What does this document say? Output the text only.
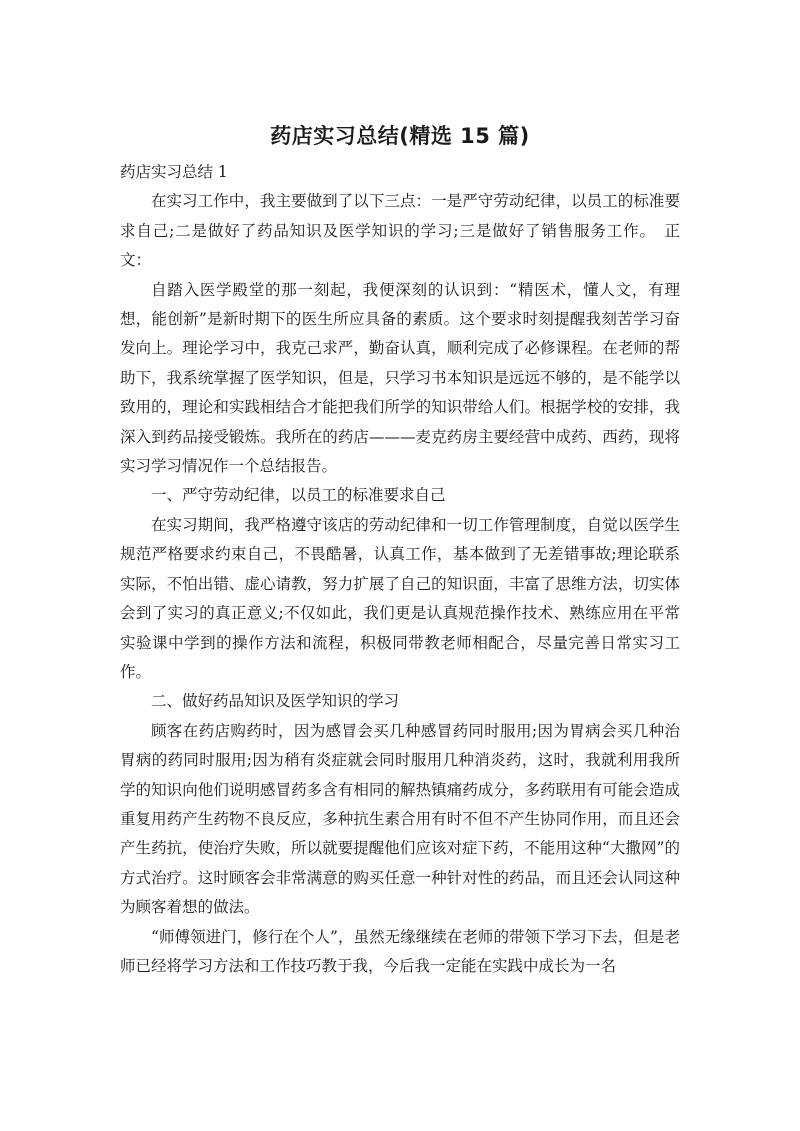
药店实习总结(精选 15 篇)

药店实习总结 1

在实习工作中，我主要做到了以下三点：一是严守劳动纪律，以员工的标准要求自己;二是做好了药品知识及医学知识的学习;三是做好了销售服务工作。　正文：

自踏入医学殿堂的那一刻起，我便深刻的认识到：“精医术，懂人文，有理想，能创新”是新时期下的医生所应具备的素质。这个要求时刻提醒我刻苦学习奋发向上。理论学习中，我克己求严，勤奋认真，顺利完成了必修课程。在老师的帮助下，我系统掌握了医学知识，但是，只学习书本知识是远远不够的，是不能学以致用的，理论和实践相结合才能把我们所学的知识带给人们。根据学校的安排，我深入到药品接受锻炼。我所在的药店———麦克药房主要经营中成药、西药，现将实习学习情况作一个总结报告。

一、严守劳动纪律，以员工的标准要求自己

在实习期间，我严格遵守该店的劳动纪律和一切工作管理制度，自觉以医学生规范严格要求约束自己，不畏酷暑，认真工作，基本做到了无差错事故;理论联系实际，不怕出错、虚心请教，努力扩展了自己的知识面，丰富了思维方法，切实体会到了实习的真正意义;不仅如此，我们更是认真规范操作技术、熟练应用在平常实验课中学到的操作方法和流程，积极同带教老师相配合，尽量完善日常实习工作。

二、做好药品知识及医学知识的学习

顾客在药店购药时，因为感冒会买几种感冒药同时服用;因为胃病会买几种治胃病的药同时服用;因为稍有炎症就会同时服用几种消炎药，这时，我就利用我所学的知识向他们说明感冒药多含有相同的解热镇痛药成分，多药联用有可能会造成重复用药产生药物不良反应，多种抗生素合用有时不但不产生协同作用，而且还会产生药抗，使治疗失败，所以就要提醒他们应该对症下药，不能用这种“大撒网”的方式治疗。这时顾客会非常满意的购买任意一种针对性的药品，而且还会认同这种为顾客着想的做法。

“师傅领进门，修行在个人”，虽然无缘继续在老师的带领下学习下去，但是老师已经将学习方法和工作技巧教于我，今后我一定能在实践中成长为一名
